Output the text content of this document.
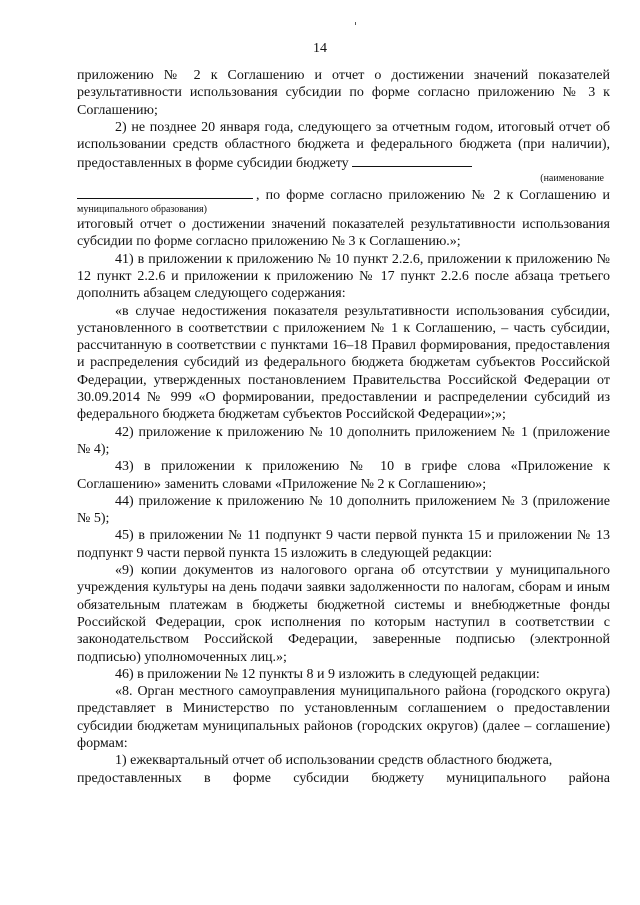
14

приложению № 2 к Соглашению и отчет о достижении значений показателей результативности использования субсидии по форме согласно приложению № 3 к Соглашению;

2) не позднее 20 января года, следующего за отчетным годом, итоговый отчет об использовании средств областного бюджета и федерального бюджета (при наличии), предоставленных в форме субсидии бюджету

(наименование

, по форме согласно приложению № 2 к Соглашению и

муниципального образования)

итоговый отчет о достижении значений показателей результативности использования субсидии по форме согласно приложению № 3 к Соглашению.»;

41) в приложении к приложению № 10 пункт 2.2.6, приложении к приложению № 12 пункт 2.2.6 и приложении к приложению № 17 пункт 2.2.6 после абзаца третьего дополнить абзацем следующего содержания:

«в случае недостижения показателя результативности использования субсидии, установленного в соответствии с приложением № 1 к Соглашению, – часть субсидии, рассчитанную в соответствии с пунктами 16–18 Правил формирования, предоставления и распределения субсидий из федерального бюджета бюджетам субъектов Российской Федерации, утвержденных постановлением Правительства Российской Федерации от 30.09.2014 № 999 «О формировании, предоставлении и распределении субсидий из федерального бюджета бюджетам субъектов Российской Федерации»;»;

42) приложение к приложению № 10 дополнить приложением № 1 (приложение № 4);

43) в приложении к приложению № 10 в грифе слова «Приложение к Соглашению» заменить словами «Приложение № 2 к Соглашению»;

44) приложение к приложению № 10 дополнить приложением № 3 (приложение № 5);

45) в приложении № 11 подпункт 9 части первой пункта 15 и приложении № 13 подпункт 9 части первой пункта 15 изложить в следующей редакции:

«9) копии документов из налогового органа об отсутствии у муниципального учреждения культуры на день подачи заявки задолженности по налогам, сборам и иным обязательным платежам в бюджеты бюджетной системы и внебюджетные фонды Российской Федерации, срок исполнения по которым наступил в соответствии с законодательством Российской Федерации, заверенные подписью (электронной подписью) уполномоченных лиц.»;

46) в приложении № 12 пункты 8 и 9 изложить в следующей редакции:

«8. Орган местного самоуправления муниципального района (городского округа) представляет в Министерство по установленным соглашением о предоставлении субсидии бюджетам муниципальных районов (городских округов) (далее – соглашение) формам:

1) ежеквартальный отчет об использовании средств областного бюджета,

предоставленных в форме субсидии бюджету муниципального района
